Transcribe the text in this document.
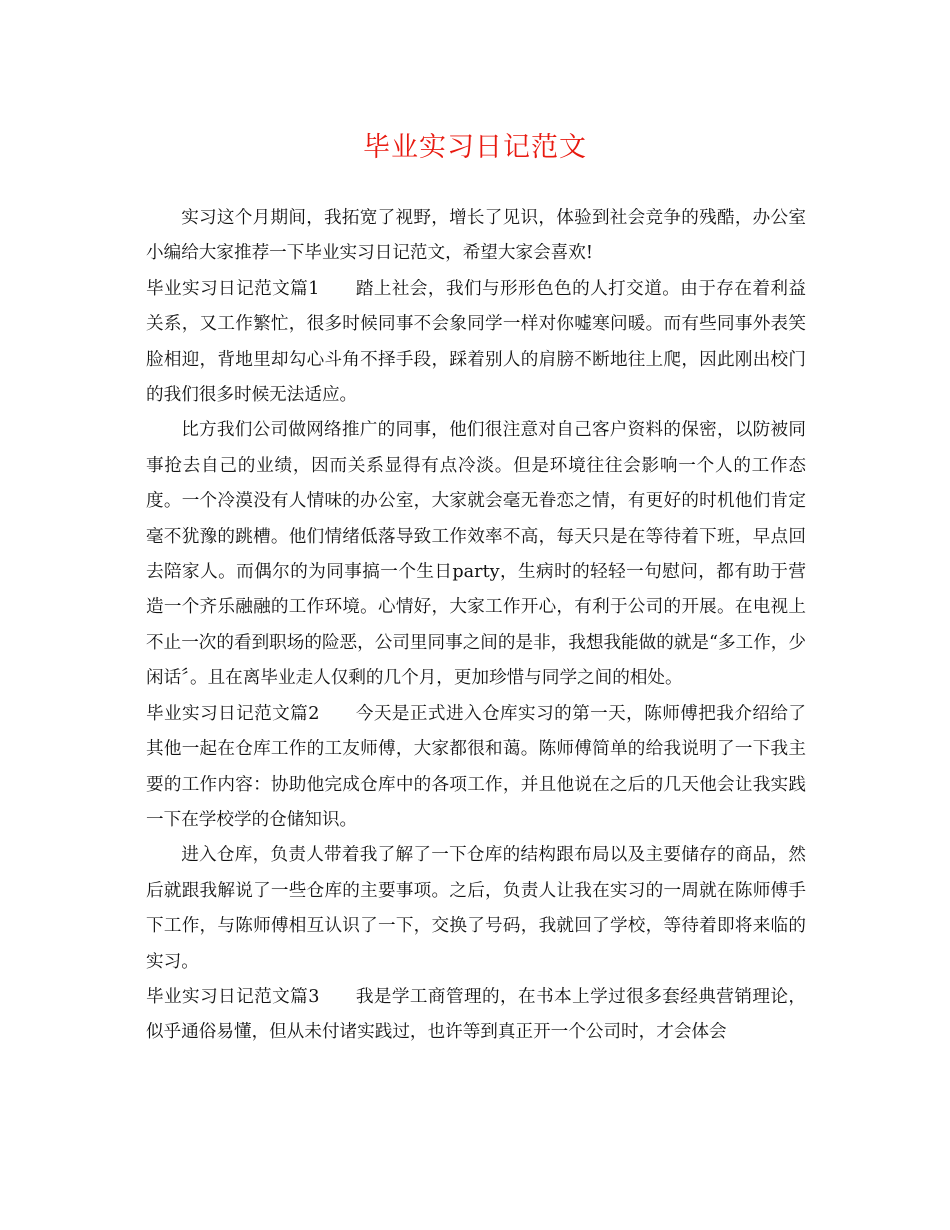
毕业实习日记范文

实习这个月期间，我拓宽了视野，增长了见识，体验到社会竞争的残酷，办公室小编给大家推荐一下毕业实习日记范文，希望大家会喜欢!

毕业实习日记范文篇1 踏上社会，我们与形形色色的人打交道。由于存在着利益关系，又工作繁忙，很多时候同事不会象同学一样对你嘘寒问暖。而有些同事外表笑脸相迎，背地里却勾心斗角不择手段，踩着别人的肩膀不断地往上爬，因此刚出校门的我们很多时候无法适应。

比方我们公司做网络推广的同事，他们很注意对自己客户资料的保密，以防被同事抢去自己的业绩，因而关系显得有点冷淡。但是环境往往会影响一个人的工作态度。一个冷漠没有人情味的办公室，大家就会毫无眷恋之情，有更好的时机他们肯定毫不犹豫的跳槽。他们情绪低落导致工作效率不高，每天只是在等待着下班，早点回去陪家人。而偶尔的为同事搞一个生日party，生病时的轻轻一句慰问，都有助于营造一个齐乐融融的工作环境。心情好，大家工作开心，有利于公司的开展。在电视上不止一次的看到职场的险恶，公司里同事之间的是非，我想我能做的就是“多工作，少闲话〞。且在离毕业走人仅剩的几个月，更加珍惜与同学之间的相处。

毕业实习日记范文篇2 今天是正式进入仓库实习的第一天，陈师傅把我介绍给了其他一起在仓库工作的工友师傅，大家都很和蔼。陈师傅简单的给我说明了一下我主要的工作内容：协助他完成仓库中的各项工作，并且他说在之后的几天他会让我实践一下在学校学的仓储知识。

进入仓库，负责人带着我了解了一下仓库的结构跟布局以及主要储存的商品，然后就跟我解说了一些仓库的主要事项。之后，负责人让我在实习的一周就在陈师傅手下工作，与陈师傅相互认识了一下，交换了号码，我就回了学校，等待着即将来临的实习。

毕业实习日记范文篇3 我是学工商管理的，在书本上学过很多套经典营销理论，似乎通俗易懂，但从未付诸实践过，也许等到真正开一个公司时，才会体会
